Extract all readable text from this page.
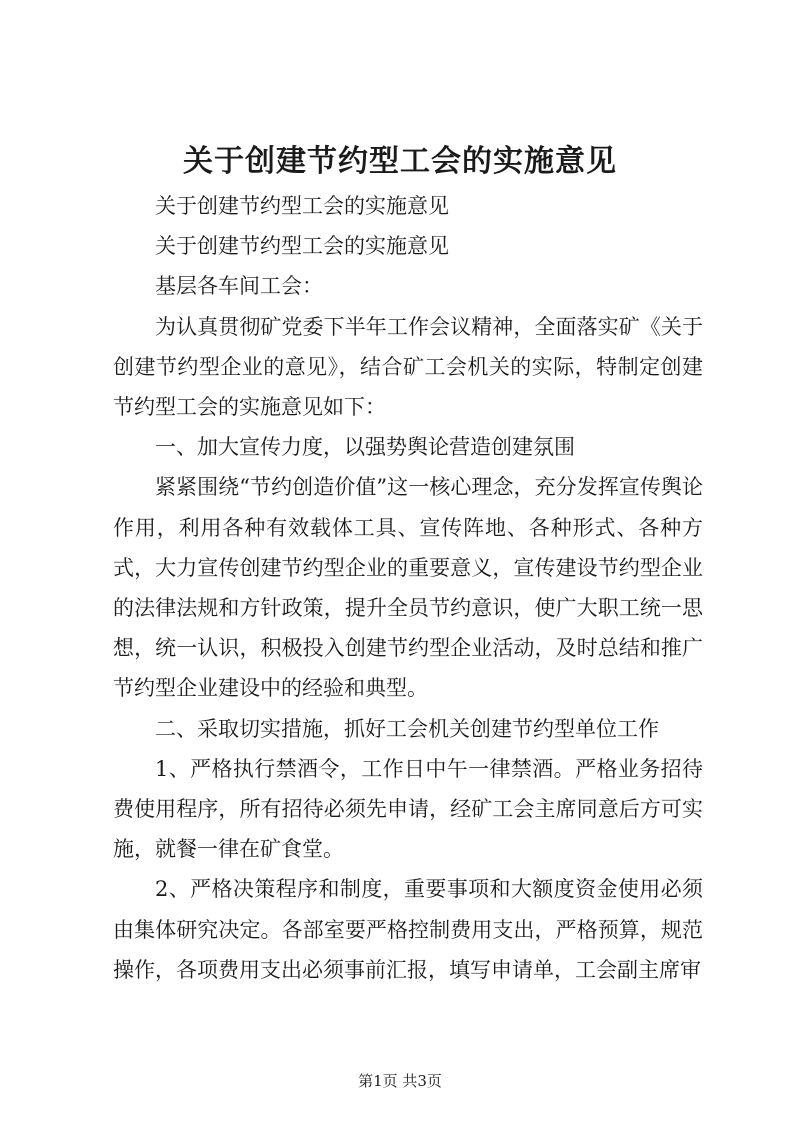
关于创建节约型工会的实施意见

关于创建节约型工会的实施意见

关于创建节约型工会的实施意见

基层各车间工会：

为认真贯彻矿党委下半年工作会议精神，全面落实矿《关于创建节约型企业的意见》，结合矿工会机关的实际，特制定创建节约型工会的实施意见如下：

一、加大宣传力度，以强势舆论营造创建氛围

紧紧围绕“节约创造价值”这一核心理念，充分发挥宣传舆论作用，利用各种有效载体工具、宣传阵地、各种形式、各种方式，大力宣传创建节约型企业的重要意义，宣传建设节约型企业的法律法规和方针政策，提升全员节约意识，使广大职工统一思想，统一认识，积极投入创建节约型企业活动，及时总结和推广节约型企业建设中的经验和典型。

二、采取切实措施，抓好工会机关创建节约型单位工作

1、严格执行禁酒令，工作日中午一律禁酒。严格业务招待费使用程序，所有招待必须先申请，经矿工会主席同意后方可实施，就餐一律在矿食堂。

2、严格决策程序和制度，重要事项和大额度资金使用必须由集体研究决定。各部室要严格控制费用支出，严格预算，规范操作，各项费用支出必须事前汇报，填写申请单，工会副主席审

第1页 共3页
